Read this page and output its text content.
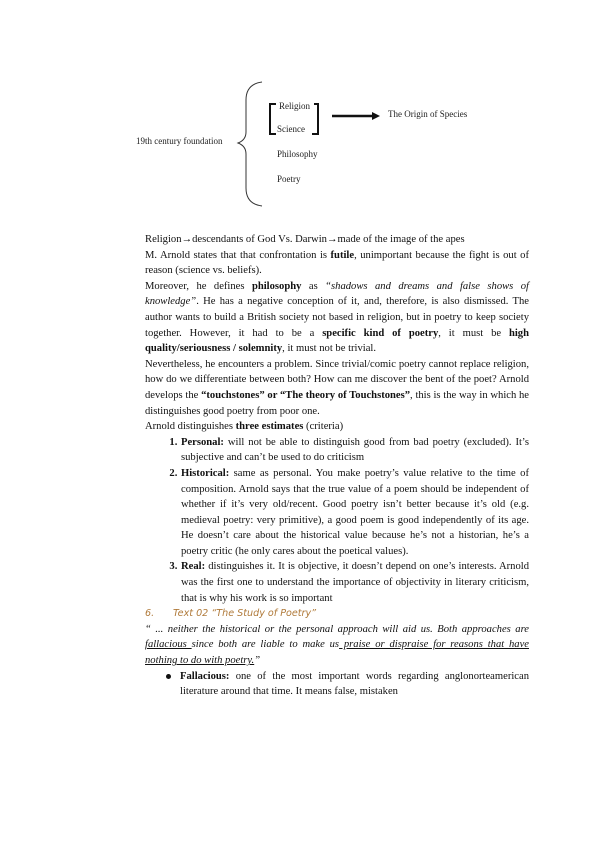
19th century foundation
Religion
Science
Philosophy
Poetry
The Origin of Species

Religion→descendants of God Vs. Darwin→made of the image of the apes

M. Arnold states that that confrontation is futile, unimportant because the fight is out of reason (science vs. beliefs).

Moreover, he defines philosophy as “shadows and dreams and false shows of knowledge”. He has a negative conception of it, and, therefore, is also dismissed. The author wants to build a British society not based in religion, but in poetry to keep society together. However, it had to be a specific kind of poetry, it must be high quality/seriousness / solemnity, it must not be trivial.

Nevertheless, he encounters a problem. Since trivial/comic poetry cannot replace religion, how do we differentiate between both? How can me discover the bent of the poet? Arnold develops the “touchstones” or “The theory of Touchstones”, this is the way in which he distinguishes good poetry from poor one.

Arnold distinguishes three estimates (criteria)

1. Personal: will not be able to distinguish good from bad poetry (excluded). It’s subjective and can’t be used to do criticism
2. Historical: same as personal. You make poetry’s value relative to the time of composition. Arnold says that the true value of a poem should be independent of whether if it’s very old/recent. Good poetry isn’t better because it’s old (e.g. medieval poetry: very primitive), a good poem is good independently of its age. He doesn’t care about the historical value because he’s not a historian, he’s a poetry critic (he only cares about the poetical values).
3. Real: distinguishes it. It is objective, it doesn’t depend on one’s interests. Arnold was the first one to understand the importance of objectivity in literary criticism, that is why his work is so important

6. Text 02 “The Study of Poetry”

“ ... neither the historical or the personal approach will aid us. Both approaches are fallacious since both are liable to make us praise or dispraise for reasons that have nothing to do with poetry.”

Fallacious: one of the most important words regarding anglonorteamerican literature around that time. It means false, mistaken
